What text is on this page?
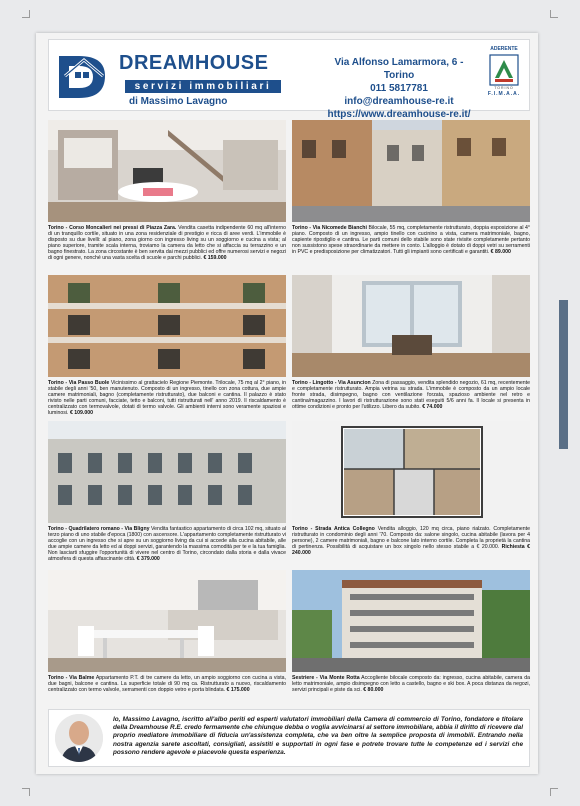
DREAMHOUSE
servizi immobiliari
di Massimo Lavagno
Via Alfonso Lamarmora, 6 - Torino
011 5817781
info@dreamhouse-re.it
https://www.dreamhouse-re.it/
ADERENTE
TORINO
F.I.M.A.A.
Torino - Corso Moncalieri nei pressi di Piazza Zara. Vendita casetta indipendente 60 mq all'interno di un tranquillo cortile, situato in una zona residenziale di prestigio e ricca di aree verdi. L'immobile è disposto su due livelli: al piano, zona giorno con ingresso living su un soggiorno e cucina a vista; al piano superiore, tramite scala interna, troviamo la camera da letto che si affaccia su terrazzino e un bagno finestrato. La zona circostante è ben servita dai mezzi pubblici ed offre numerosi servizi e negozi di ogni genere, nonché una vasta scelta di scuole e parchi pubblici. € 159.000
Torino - Via Nicomede Bianchi Bilocale, 55 mq, completamente ristrutturato, doppia esposizione al 4° piano. Composto di un ingresso, ampio tinello con cucinino a vista, camera matrimoniale, bagno, capiente ripostiglio e cantina. Le parti comuni dello stabile sono state rivisite completamente pertanto non sussistono spese straordinarie da mettere in conto. L'alloggio è dotato di doppi vetri su serramenti in PVC e predisposizione per climatizzatori. Tutti gli impianti sono certificati e garantiti. € 89.000
Torino - Via Passo Buole Vicinissimo al grattacielo Regione Piemonte. Trilocale, 75 mq al 2° piano, in stabile degli anni '50, ben manutenuto. Composto di un ingresso, tinello con zona cottura, due ampie camere matrimoniali, bagno (completamente ristrutturato), due balconi e cantina. Il palazzo è stato rivisto nelle parti comuni, facciate, tetto e balconi, tutti ristrutturati nell' anno 2019. Il riscaldamento è centralizzato con termovalvole, dotati di termo valvole. Gli ambienti interni sono veramente spaziosi e luminosi. € 109.000
Torino - Lingotto - Via Asuncion Zona di passaggio, vendita splendido negozio, 61 mq, recentemente e completamente ristrutturato. Ampia vetrina su strada. L'immobile è composto da un ampio locale fronte strada, disimpegno, bagno con ventilazione forzata, spazioso ambiente nel retro e cantina/magazzino. I lavori di ristrutturazione sono stati eseguiti 5/6 anni fa. Il locale si presenta in ottime condizioni e pronto per l'utilizzo. Libero da subito. € 74.000
Torino - Quadrilatero romano - Via Bligny Vendita fantastico appartamento di circa 102 mq, situato al terzo piano di uno stabile d'epoca (1800) con ascensore. L'appartamento completamente ristrutturato vi accoglie con un ingresso che si apre su un soggiorno living da cui si accede alla cucina abitabile, alle due ampie camere da letto ed ai doppi servizi, garantendo la massima comodità per te e la tua famiglia. Non lasciarti sfuggire l'opportunità di vivere nel centro di Torino, circondato dalla storia e dalla vivace atmosfera di questa affascinante città. € 379.000
Torino - Strada Antica Collegno Vendita alloggio, 120 mq circa, piano rialzato. Completamente ristrutturato in condominio degli anni '70. Composto da: salone singolo, cucina abitabile (lavora per 4 persone), 2 camere matrimoniali, bagno e balcone lato interno cortile. Completa la proprietà la cantina di pertinenza. Possibilità di acquistare un box singolo nello stesso stabile a € 20.000. Richiesta € 240.000
Torino - Via Balme Appartamento P.T. di tre camere da letto, un ampio soggiorno con cucina a vista, due bagni, balcone e cantina. La superficie totale di 90 mq ca. Ristrutturato a nuovo, riscaldamento centralizzato con termo valvole, serramenti con doppio vetro e porta blindata. € 175.000
Sestriere - Via Monte Rotta Accogliente bilocale composto da: ingresso, cucina abitabile, camera da letto matrimoniale, ampio disimpegno con letto a castello, bagno e ski box. A poca distanza da negozi, servizi principali e piste da sci. € 80.000
Io, Massimo Lavagno, iscritto all'albo periti ed esperti valutatori immobiliari della Camera di commercio di Torino, fondatore e titolare della Dreamhouse R.E. credo fermamente che chiunque debba o voglia avvicinarsi al settore immobiliare, abbia il diritto di ricevere dal proprio mediatore immobiliare di fiducia un'assistenza completa, che va ben oltre la semplice proposta di immobili. Entrando nella nostra agenzia sarete ascoltati, consigliati, assistiti e supportati in ogni fase e potrete trovare tutte le competenze ed i servizi che possono rendere agevole e piacevole questa esperienza.
